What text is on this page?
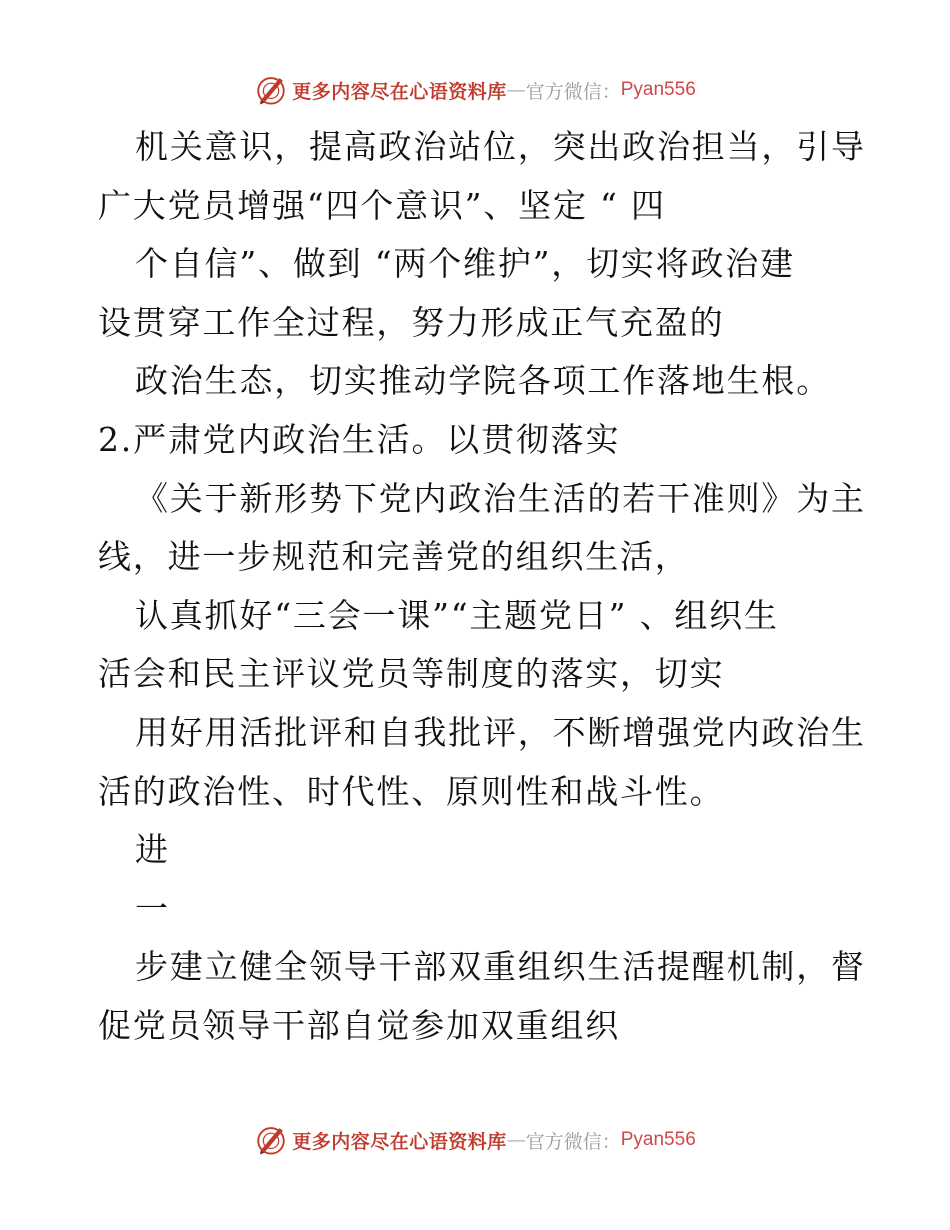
更多内容尽在心语资料库 — 官方微信： Pyan556
机关意识，提高政治站位，突出政治担当，引导
广大党员增强“四个意识”、坚定 “ 四
个自信”、做到 “两个维护”，切实将政治建
设贯穿工作全过程，努力形成正气充盈的
政治生态，切实推动学院各项工作落地生根。
2.严肃党内政治生活。以贯彻落实
《关于新形势下党内政治生活的若干准则》为主
线，进一步规范和完善党的组织生活，
认真抓好“三会一课”“主题党日” 、组织生
活会和民主评议党员等制度的落实，切实
用好用活批评和自我批评，不断增强党内政治生
活的政治性、时代性、原则性和战斗性。
进
一
步建立健全领导干部双重组织生活提醒机制，督
促党员领导干部自觉参加双重组织
更多内容尽在心语资料库 — 官方微信： Pyan556
